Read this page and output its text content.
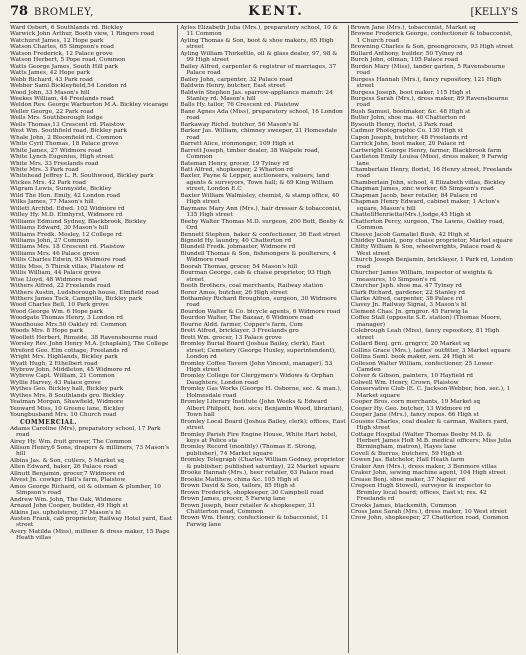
78 BROMLEY,	KENT.	[KELLY'S

Ward Osbert, 6 Southlands rd. Bickley

Warwick John Arthur, Booth view, 1 Ringers road

Watchurst James, 12 Hope park

Watson Charles, 65 Simpson's road

Watson Frederick, 12 Palace grove

Watson Herbert, 5 Pope road, Common

Watts George James, South Hill park

Watts James, 42 Hope park

Webb Richard, 43 Park road

Webber Saml.Bickleyfield,54 London rd

Wood John, 33 Mason's hill

Weekes William, 44 Freelands road

Weldon Rev. George Warburton M.A. Bickley vicarage

Weller George, 22 Park road

Wells Mrs. Southborough lodge

Wells Thomas,13 Crescent rd. Plaistow

West Wm. Southfield road, Bickley park

Whale John, 2 Bloomfield rd. Common

White Cyril Thomas, 18 Palace grove

White James, 27 Widmore road

White Lynch Eugenius, High street

White Mrs. 33 Freelands road

White Mrs. 3 Park road

Whitehead Jeffrey L. R. Southwood, Bickley park

Wickes Mrs. 42 Park road

Wigram Lewis, Sunnyside, Bickley

Wild The Hon. Emily, 42 London road

Wilks James, 77 Mason's hill

Willett Archbd. Edwd. 102 Widmore rd

Willey Hy. M.D. Elmhyrst, Widmore rd

Williams Edmund Sydney, Blackbrook, Bickley

Williams Edward, 30 Mason's hill

Williams Fredk. Mosley, 12 College rd

Williams John, 27 Common

Williams Mrs. 18 Crescent rd. Plaistow

Williams Mrs. 46 Palace grove

Willis Charles Edwin, 93 Widmore road

Willis Miss, 5 Thirsk villas, Plaistow rd

Willis William, 44 Palace grove

Wise Lloyd, 48 Widmore road

Withers Alfred, 22 Freelands road

Withers Austin, Ludsborough house, Elmfield road

Withers James Tuck, Campville, Bickley park

Wood Charles Bell, 10 Park grove

Wood George Wm. 6 Hope park

Woodgate Thomas Henry, 3 London rd

Woodhouse Mrs.50 Oakley rd. Common

Woods Mrs. 8 Hope park

Woollett Herbert, Rimside, 38 Ravensbourne road

Worsley Rev. John Henry M.A. [chaplain], The College

Wreford Geo. Elm cottage, Freelands rd

Wright Mrs. Highlands, Bickley park

Wyatt Hugh, 2 Ethelbert road

Wybrow John, Middleton, 45 Widmore rd

Wybrow Capt. William, 21 Common

Wyllie Harvey, 43 Palace grove

Wythes Geo. Bickley hall, Bickley park

Wythes Mrs. 8 Southlands gro. Bickley

Yeatman Morgan, Shawfield, Widmore

Yeoward Miss, 10 Greene lane, Bickley

Youngbusband Mrs. 10 Church road

COMMERCIAL.

Adams Caroline (Mrs), preparatory school, 17 Park road

Airey Hy. Wm. fruit grower, The Common

Allison Henry,6 Sons, drapers & milliners, 73 Mason's hill

Albins Jas. & Son, cutlers, 5 Market sq

Allen Edward, baker, 26 Palace road

Allnutt Benjamin, grocer,7 Widmore rd

Alvest Jn. cowkpr. Hall's farm, Plaistow

Amos George Richard, oil & oilsman & plumber, 10 Simpson's road

Andrew Wm. John, The Oak, Widmore

Arnaud John Cooper, builder, 49 High st

Atkins Jas. upholsterer, 37 Mason's hl

Austen Frank, cab proprietor, Railway Hotel yard, East street

Avery Matilda (Miss), milliner & dress maker, 15 Page Heath villas

Ayles Elizabeth Julia (Mrs.), preparatory school, 10 & 11 Common

Ayling Thomas & Son, boot & shoe makers, 65 High street

Ayling William Thirkettle, oil & glass dealer, 97, 98 & 99 High street

Bailey Alfred, carpenter & registrar of marriages, 37 Palace road

Bailey John, carpenter, 32 Palace road

Baldwin Henry, butcher, East street

Baldwin Stephen Jas. sparrow-appliance manufr. 24 Stanley rd. Mason's hill

Balls Hy. tailor, 76 Crescent rd. Plaistow

Bane Agnes Ada (Miss), preparatory school, 16 London road

Barkaway Richd. butcher, 56 Mason's hl

Barker Jas. William, chimney sweeper, 21 Homesdale road

Barrett Alice, ironmonger, 109 High st

Barrett Joseph, timber dealer, 38 Walpole road, Common

Bateman Henry, grocer, 19 Tylney rd

Batt Alfred, shopkeeper, 2 Wharton rd

Baxter, Payne & Lepper, auctioneers, valuers, land agents & surveyors, Town hall; & 69 King William street, London E.C

Baxter William Walmisley, chemist, & stamp office, 40 High street

Baymans Mary Ann (Mrs.), hair dresser & tobacconist, 135 High street

Beeby Walter Thomas M.D. surgeon, 200 Bott, Beeby & Ord

Bennett Stephen, baker & confectioner, 36 East street

Bignold Hy. laundry, 40 Chatterton rd

Blundell Fredk. jobmaster, Widmore rd

Blundell Thomas & Son, fishmongers & poulterers, 4 Widmore road

Boorah Thomas, grocer, 54 Mason's hill

Bourman George, cab & chaise proprietor, 93 High street

Booth Brothers, coal merchants, Railway station

Borer Amos, butcher, 26 High street

Bothamley Richard Broughton, surgeon, 30 Widmore road

Bourdon Walter & Co. bicycle agents, 6 Widmore road

Bourdon Walter, The Bazaar, 6 Widmore road

Bourne Aldd. farmer, Copper's farm, Com

Brett Alfred, bricklayer, 3 Freelands gro

Brett Wm. grocer, 13 Palace grove

Bromley Burial Board (Joshua Bailey, clerk), East street; Cemetery (George Huxley, superintendent), London rd

Bromley Coffee Tavern (John Vincent, manager), 53 High street

Bromley College for Clergymen's Widows & Orphan Daughters, London road

Bromley Gas Works (George H. Osborne, sec. & man.), Holmesdale road

Bromley Literary Institute (John Weeks & Edward Albert Philpott, hon. secs; Benjamin Wood, librarian), Town hall

Bromley Local Board (Joshua Bailey, clerk); offices, East street

Bromley Parish Fire Engine House, White Hart hotel, keys at Police sta

Bromley Record (monthly) (Thomas E. Strong, publisher), 74 Market square

Bromley Telegraph (Charles William Gedney, proprietor & publisher; published saturday), 22 Market square

Brooke Hannah (Mrs.), beer retailer, 63 Palace road

Brookie Matthew, china &c. 105 High st

Brown David & Son, tailors, 85 High st

Brown Frederick, shopkeeper, 30 Campbell road

Brown James, grocer, 5 Farwig lane

Brown Joseph, beer retailer & shopkeeper, 31 Chatterton road, Common

Brown Wm. Henry, confectioner & tobacconist, 11 Farwig lane

Brown Jane (Mrs.), tobacconist, Market sq

Browne Frederick George, confectioner & tobacconist, 1 Church road

Browning Charles & Son, greengrocers, 93 High street

Bullard Anthony, builder, 50 Tylney rd

Burch John, oilman, 105 Palace road

Burden Mary (Miss), lander garten, 5 Ravensbourne road

Burgess Hannah (Mrs.), fancy repository, 121 High street

Burgess Joseph, boot maker, 115 High st

Burgess Sarah (Mrs.), dress maker, 89 Ravensbourne road

Bush Samuel, bootmaker, &c. 48 High st

Butler John, shoe ma. 40 Chatterton rd

Bysouth Henry, florist, 3 Park road

Cadmor Photographic Co. 130 High st

Capon Joseph, butcher, 48 Freelands rd

Carrick John, boot maker, 20 Palace rd

Cartwright George Henry, farmer, Blackbrook farm

Castleton Emily Louisa (Miss), dress maker, 9 Farwig lane

Chamberlain Henry, florist, 16 Henry street, Freelands road

Chamberlain John, school, 4 Elizabeth villas, Bickley

Chapman James, zinc worker, 65 Simpson's road

Chapman Jacob, beer retailer, 84 Palace rd

Chapman Henry Edward, cabinet maker, 1 Acton's square, Mason's hill

ChattellHenrietta(Mrs.),lodge,45 High st

Chatterton Percy, surgeon, The Lawns, Oakley road, Common

Cheeve Jacob Gamaliel Bush, 42 High st

Chiddey Daniel, pony chaise proprietor, Market square

Chitty William & Son, wheelwrights, Palace road & West street

Church Joseph Benjamin, bricklayer, 1 Park rd, London road

Churcher James William, inspector of weights & measures, 10 Simpson's rd

Churcher Jsph. shoe ma. 47 Tylney rd

Clark Richard, gardener, 22 Stanley rd

Clarke Alfred, carpenter, 38 Palace rd

Clavey Jn. Railway Signal, 3 Mason's hl

Clement Chas. Jn. grngror. 45 Farwig la

Coffee Stall (opposite S.E. station) (Thomas Moore, manager)

Colebrough Leah (Miss), fancy repository, 81 High street

Collard Benj. grn. grngrcr, 20 Market sq

Collins Grace (Mrs.), ladies' outfitter, 3 Market square

Collins Saml. book maker, sen. 24 High st

Colleson Walter William, confectioner, 25 Lower Camden

Colver & Gibson, painters, 10 Hayfield rd

Colwell Wm. Henry, Crown, Plaistow

Conservative Club (E. C. Jackson-Webber, hon. sec.), 1 Market square

Cooper Bros. corn merchants, 19 Market sq

Cooper Hy. Geo. butcher, 13 Widmore rd

Cooper Jane (Mrs.), fancy repos. 66 High st

Cousins Charles, coal dealer & carman, Walters yard, High street

Cottage Hospital (Walter Thomas Beeby M.D. & Herbert James Holt M.B. medical officers; Miss Julia Birmingham, matron), Hayes lane

Covell & Burrus, butchers, 59 High st

Cowen Jas. Batchelor, Hall Heath farm

Craker Ann (Mrs.), dress maker, 3 Benmore villas

Craker John, sewing machine agent, 104 High street

Crease Benj. shoe maker, 37 Napier rd

Cregeen Hugh Stowell, surveyor & inspector to Bromley local board; offices, East st; res. 42 Freelands rd

Crooks James, blacksmith, Common

Cross Jane Sarah (Mrs.), dress maker, 10 West street

Crow John, shopkeeper, 27 Chatterton road, Common
